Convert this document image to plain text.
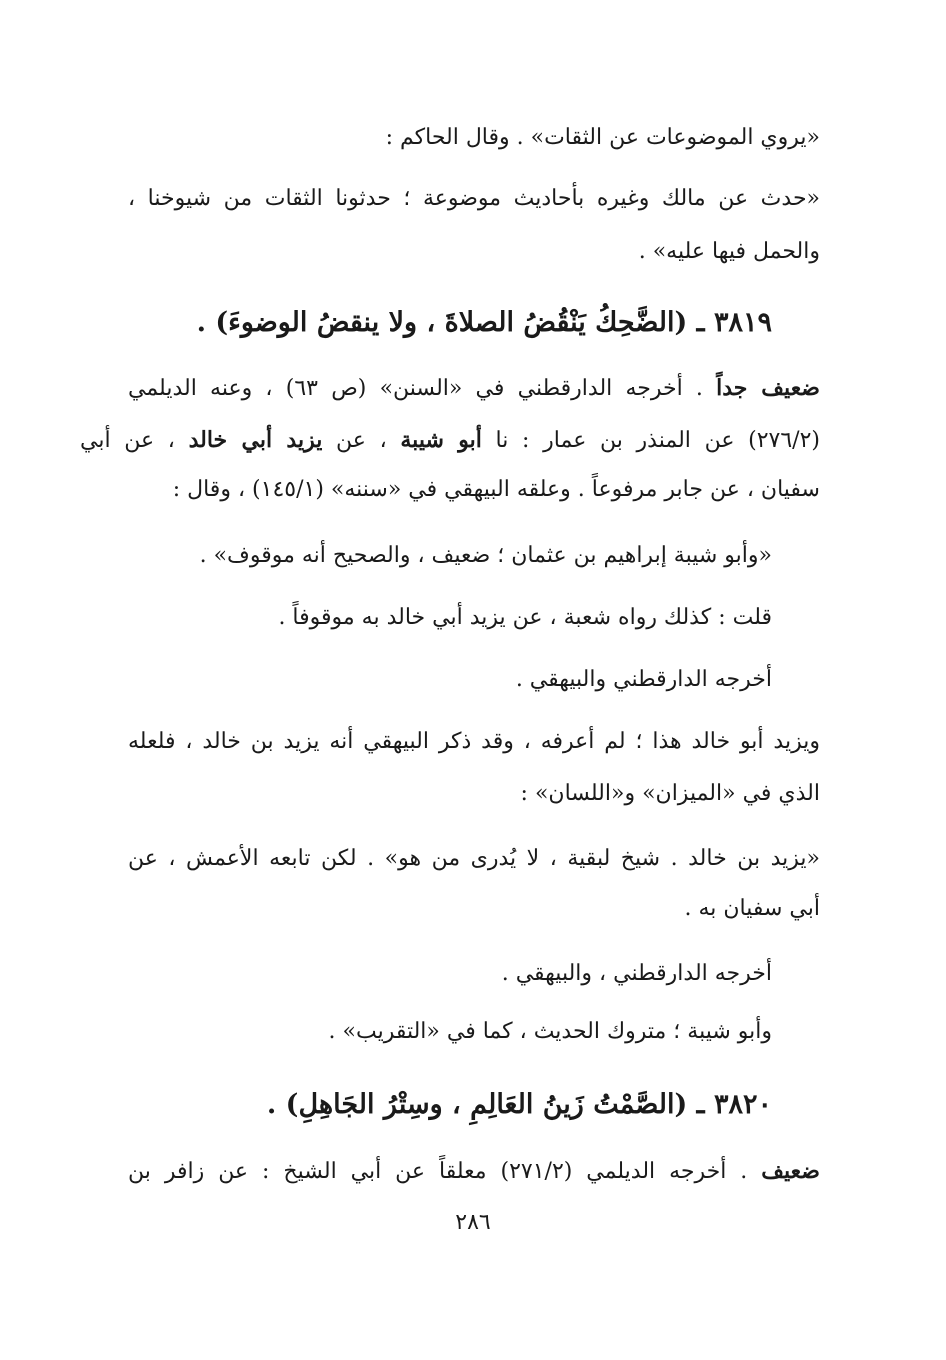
«يروي الموضوعات عن الثقات» . وقال الحاكم :
«حدث عن مالك وغيره بأحاديث موضوعة ؛ حدثونا الثقات من شيوخنا ،
والحمل فيها عليه» .
٣٨١٩ ـ (الضَّحِكُ يَنْقُضُ الصلاةَ ، ولا ينقضُ الوضوءَ) .
ضعيف جداً . أخرجه الدارقطني في «السنن» (ص ٦٣) ، وعنه الديلمي
(٢٧٦/٢) عن المنذر بن عمار : نا أبو شيبة ، عن يزيد أبي خالد ، عن أبي
سفيان ، عن جابر مرفوعاً . وعلقه البيهقي في «سننه» (١٤٥/١) ، وقال :
«وأبو شيبة إبراهيم بن عثمان ؛ ضعيف ، والصحيح أنه موقوف» .
قلت : كذلك رواه شعبة ، عن يزيد أبي خالد به موقوفاً .
أخرجه الدارقطني والبيهقي .
ويزيد أبو خالد هذا ؛ لم أعرفه ، وقد ذكر البيهقي أنه يزيد بن خالد ، فلعله
الذي في «الميزان» و«اللسان» :
«يزيد بن خالد . شيخ لبقية ، لا يُدرى من هو» . لكن تابعه الأعمش ، عن
أبي سفيان به .
أخرجه الدارقطني ، والبيهقي .
وأبو شيبة ؛ متروك الحديث ، كما في «التقريب» .
٣٨٢٠ ـ (الصَّمْتُ زَينُ العَالِمِ ، وسِتْرُ الجَاهِلِ) .
ضعيف . أخرجه الديلمي (٢٧١/٢) معلقاً عن أبي الشيخ : عن زافر بن
٢٨٦
